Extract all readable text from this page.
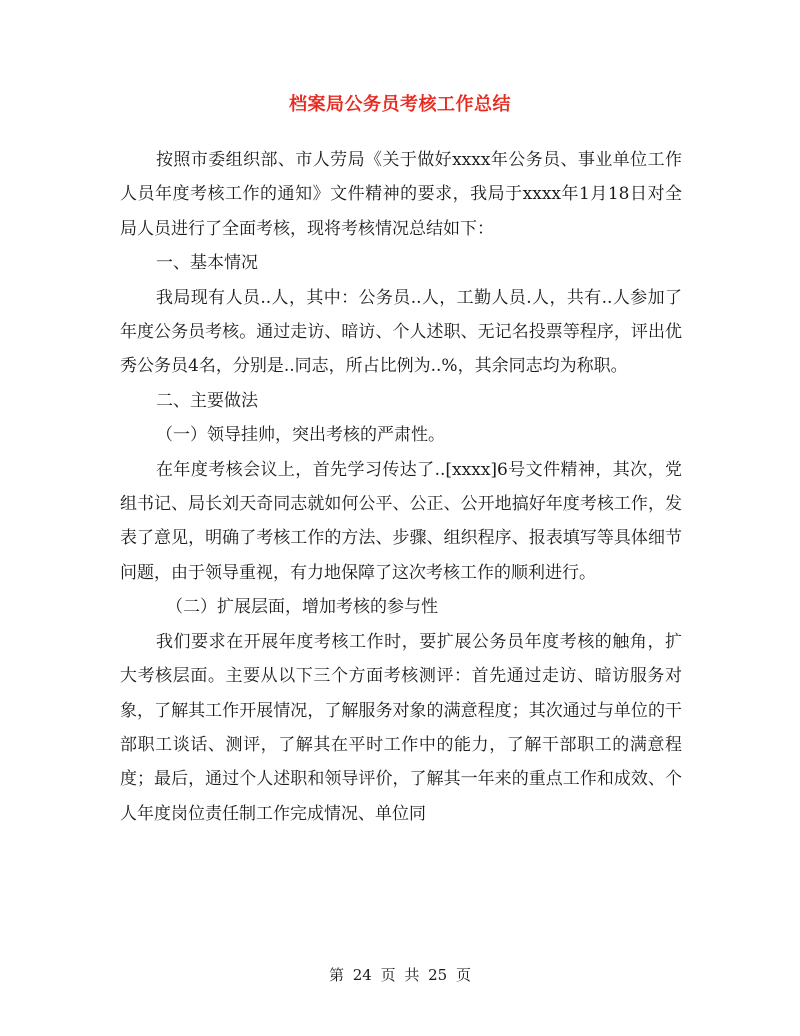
档案局公务员考核工作总结

按照市委组织部、市人劳局《关于做好xxxx年公务员、事业单位工作人员年度考核工作的通知》文件精神的要求，我局于xxxx年1月18日对全局人员进行了全面考核，现将考核情况总结如下：

一、基本情况

我局现有人员..人，其中：公务员..人，工勤人员.人，共有..人参加了年度公务员考核。通过走访、暗访、个人述职、无记名投票等程序，评出优秀公务员4名，分别是..同志，所占比例为..%，其余同志均为称职。

二、主要做法

（一）领导挂帅，突出考核的严肃性。

在年度考核会议上，首先学习传达了..[xxxx]6号文件精神，其次，党组书记、局长刘天奇同志就如何公平、公正、公开地搞好年度考核工作，发表了意见，明确了考核工作的方法、步骤、组织程序、报表填写等具体细节问题，由于领导重视，有力地保障了这次考核工作的顺利进行。

（二）扩展层面，增加考核的参与性

我们要求在开展年度考核工作时，要扩展公务员年度考核的触角，扩大考核层面。主要从以下三个方面考核测评：首先通过走访、暗访服务对象，了解其工作开展情况，了解服务对象的满意程度；其次通过与单位的干部职工谈话、测评，了解其在平时工作中的能力，了解干部职工的满意程度；最后，通过个人述职和领导评价，了解其一年来的重点工作和成效、个人年度岗位责任制工作完成情况、单位同

第 24 页 共 25 页
